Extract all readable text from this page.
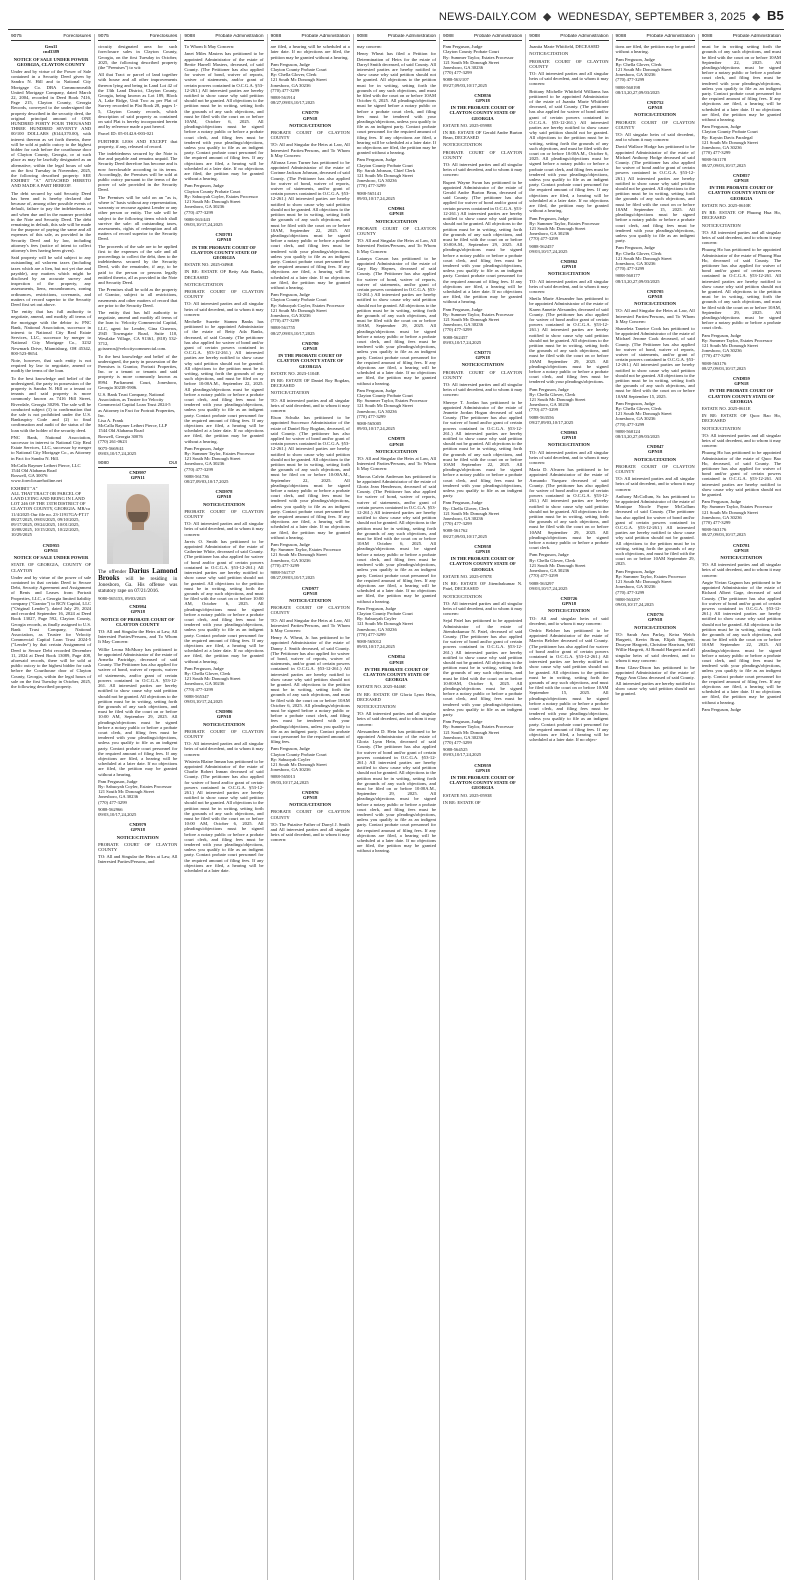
NEWS-DAILY.COM ◆ WEDNESDAY, SEPTEMBER 3, 2025 ◆ B5
9075	Foreclosures
Gen11
cnd3389
NOTICE OF SALE UNDER POWER GEORGIA, CLAYTON COUNTY

Under and by virtue of the Power of Sale contained in a Security Deed given by Sandra N. Hill and to National City Mortgage Co. DBA Commonwealth United Mortgage Company, dated March 22, 2004, recorded in Deed Book 7416, Page 215, Clayton County, Georgia Records, conveyed to the undersigned the property described in the security deed, the original principal amount of ONE HUNDRED FORTY FOUR THOUSAND THREE HUNDRED SEVENTY AND 00/100 DOLLARS ($144,370.00), with interest thereon as set forth therein, there will be sold at public outcry to the highest bidder for cash before the courthouse door of Clayton County, Georgia, or at such place as may be lawfully designated as an alternative, within the legal hours of sale on the first Tuesday in November, 2025, the following described property: SEE EXHIBIT "A" ATTACHED HERETO AND MADE A PART HEREOF.

The debt secured by said Security Deed has been and is hereby declared due because of, among other possible events of default, failure to pay the indebtedness as and when due and in the manner provided in the Note and Security Deed. The debt remaining in default, this sale will be made for the purpose of paying the same and all expenses of this sale, as provided in the Security Deed and by law, including attorney's fees (notice of intent to collect attorney's fees having been given).

Said property will be sold subject to any outstanding ad valorem taxes (including taxes which are a lien, but not yet due and payable), any matters which might be disclosed by an accurate survey and inspection of the property, any assessments, liens, encumbrances, zoning ordinances, restrictions, covenants, and matters of record superior to the Security Deed first set out above.

The entity that has full authority to negotiate, amend, and modify all terms of the mortgage with the debtor is: PNC Bank, National Association, successor in interest to National City Real Estate Services, LLC, successor by merger to National City Mortgage Co., 3232 Newmark Drive, Miamisburg, OH 45342, 800-523-8654.

Note, however, that such entity is not required by law to negotiate, amend or modify the terms of the loan.

To the best knowledge and belief of the undersigned, the party in possession of the property is Sandra N. Hill or a tenant or tenants and said property is more commonly known as 7416 Hill Street, Riverdale, Georgia 30296. The sale will be conducted subject (1) to confirmation that the sale is not prohibited under the U.S. Bankruptcy Code and (2) to final confirmation and audit of the status of the loan with the holder of the security deed.

PNC Bank, National Association, successor in interest to National City Real Estate Services, LLC, successor by merger to National City Mortgage Co., as Attorney in Fact for Sandra N. Hill.

McCalla Raymer Leibert Pierce, LLC
1544 Old Alabama Road
Roswell, GA 30076
www.foreclosurehotline.net
EXHIBIT "A"
ALL THAT TRACT OR PARCEL OF LAND LYING AND BEING IN LAND LOT 246 OF THE 13TH DISTRICT OF CLAYTON COUNTY, GEORGIA. MR/ca 11/4/2025 Our file no. 23-11917GA-FT17
08/27/2025, 09/03/2025, 09/10/2025, 09/17/2025, 09/24/2025, 10/01/2025, 10/08/2025, 10/15/2025, 10/22/2025, 10/29/2025
CND955
GPN11
NOTICE OF SALE UNDER POWER

STATE OF GEORGIA, COUNTY OF CLAYTON

Under and by virtue of the power of sale contained in that certain Deed to Secure Debt, Security Agreement and Assignment of Rents and Leases from Portrait Properties, LLC, a Georgia limited liability company ("Grantor") to RCN Capital, LLC ("Original Lender"), dated July 29, 2024 and recorded September 16, 2024 at Deed Book 13027, Page 592, Clayton County, Georgia records, as finally assigned to U.S. Bank Trust Company, National Association, as Trustee for Velocity Commercial Capital Loan Trust 2024-5 ("Lender") by that certain Assignment of Deed to Secure Debt recorded December 11, 2024 at Deed Book 13089, Page 408, aforesaid records, there will be sold at public outcry to the highest bidder for cash before the Courthouse door of Clayton County, Georgia, within the legal hours of sale on the first Tuesday in October, 2025, the following described property.

9075	Foreclosures

circuity designated area for such foreclosure sales in Clayton County, Georgia, on the first Tuesday in October, 2025, the following described property (the "Premises") to wit:

All that Tract or parcel of land together with house and all other improvements thereon lying and being in Land Lot 42 of the 13th Land District, Clayton County, Georgia, being known as Lot 189, Block A, Lake Ridge, Unit Two as per Plat of Survey recorded in Plat Book 28, pages 1-5, Clayton County records, which description of said property as contained on said Plat is hereby incorporated herein and by reference made a part hereof.

Parcel ID: 05-0142A-003-021

FURTHER LESS AND EXCEPT that property, if any, released of record.

The indebtedness secured by the Note is due and payable and remains unpaid. The Security Deed therefore has become and is now foreclosable according to its terms. Accordingly, the Premises will be sold at public outcry pursuant to the terms of the power of sale provided in the Security Deed.

The Premises will be sold on an "as is, where is" basis without any representation, warranty or recourse against Lender or any other person or entity. The sale will be subject to the following items which shall survive the sale: all outstanding taxes, assessments, rights of redemption and all matters of record superior to the Security Deed.

The proceeds of the sale are to be applied first to the expenses of the sale and all proceedings to collect the debt, then to the indebtedness secured by the Security Deed, with the remainder, if any, to be paid to the person or persons legally entitled thereto, all as provided in the Note and Security Deed.

The Premises shall be sold as the property of Grantor, subject to all restrictions, easements and other matters of record that are prior to the Security Deed.

The entity that has full authority to negotiate, amend and modify all terms of the loan is: Velocity Commercial Capital, LLC, agent for Lender, Gina Cisneros, 2945 Townsgate Road, Suite 110, Westlake Village, CA 91361, (818) 532-3712, gcisneros@velocitycommercial.com.

To the best knowledge and belief of the undersigned, the party in possession of the Premises is Grantor, Portrait Properties, Inc. or a tenant or tenants and said property is more commonly known as 8994 Parliament Court, Jonesboro, Georgia 30238-5906.

U.S. Bank Trust Company, National Association, as Trustee for Velocity Commercial Capital Loan Trust 2024-5
as Attorney in Fact for Portrait Properties, Inc.
Lisa A. Frank
McCalla Raymer Leibert Pierce, LLP
1544 Old Alabama Road
Roswell, Georgia 30076
(770) 261-0623
9075-5669/41
09/03,10/17,24,2025
9080	DUI
CND997
GPN11
The offender Darius Lamond Brooks will be residing in Jonesboro, Ga. His offense was statutory rape on 07/21/2016.
9080-565153, 09/03/2025
CND984
GPN18
NOTICE OF PROBATE COURT OF CLAYTON COUNTY

TO: All and Singular the Heirs at Law, All Interested Parties/Persons, and To Whom It May Concern:

Willie Leona McMurry has petitioned to be appointed Administrator of the estate of Armelia Partridge, deceased of said County. The Petitioner has also applied for waiver of bond, waiver of reports, waiver of statements, and/or grant of certain powers contained in O.C.G.A. §53-12-261. All interested parties are hereby notified to show cause why said petition should not be granted. All objections to the petition must be in writing, setting forth the grounds of any such objections, and must be filed with the court on or before 10:00 AM, September 29, 2025. All pleadings/objections must be signed before a notary public or before a probate court clerk, and filing fees must be tendered with your pleadings/objections, unless you qualify to file as an indigent party. Contact probate court personnel for the required amount of filing fees. If any objections are filed, a hearing will be scheduled at a later date. If no objections are filed, the petition may be granted without a hearing.

Pam Ferguson, Judge
By: Sabuoyah Coyler, Estates Processor
121 South Mc Donough Street
Jonesboro, GA 30236
(770) 477-3299
9088-562966
09/03,10/17,24,2025
CND979
GPN18
NOTICE/CITATION

PROBATE COURT OF CLAYTON COUNTY

TO: All and Singular the Heirs at Law, All Interested Parties/Persons, and

9088	Probate Administration

To Whom It May Concern:

Janet Miles Masters has petitioned to be appointed Administrator of the estate of Bertie Harrell Masters, deceased, of said County. (The Petitioner has also applied for waiver of bond, waiver of reports, waiver of statements, and/or grant of certain powers contained in O.C.G.A. §53-12-261.) All interested parties are hereby notified to show cause why said petition should not be granted. All objections to the petition must be in writing, setting forth the grounds of any such objections, and must be filed with the court on or before 10AM, October 6, 2025. All pleadings/objections must be signed before a notary public or before a probate court clerk, and filing fees must be tendered with your pleadings/objections, unless you qualify to file as an indigent party. Contact probate court personnel for the required amount of filing fees. If any objections are filed, a hearing will be scheduled at a later date. If no objections are filed, the petition may be granted without a hearing.

Pam Ferguson, Judge
Clayton County Probate Court
By: Sabuoyah Coyler, Estates Processor
121 South Mc Donough Street
Jonesboro, GA 30236
(770) 477-3299
9088-563/443
09/03,10/17,24,2025
CND781
GPN18
IN THE PROBATE COURT OF CLAYTON COUNTY STATE OF GEORGIA

ESTATE NO. 2025-0496E

IN RE: ESTATE OF Betty Ada Banks, DECEASED

NOTICE/CITATION

PROBATE COURT OF CLAYTON COUNTY

TO: All interested parties and all singular heirs of said decedent, and to whom it may concern:

Mechelle Suzette Stamm Banks has petitioned to be appointed Administrator of the estate of Betty Ada Banks, deceased, of said County. (The petitioner has also applied for waiver of bond and/or grant of certain powers contained in O.C.G.A. §53-12-261.) All interested parties are hereby notified to show cause why said petition should not be granted. All objections to the petition must be in writing, setting forth the grounds of any such objections, and must be filed on or before 10:00A.M., September 22, 2025. All pleadings/objections must be signed before a notary public or before a probate court clerk, and filing fees must be tendered with your pleadings/objections, unless you qualify to file as an indigent party. Contact probate court personnel for the required amount of filing fees. If any objections are filed, a hearing will be scheduled at a later date. If no objections are filed, the petition may be granted without a hearing.

Pam Ferguson, Judge
By: Summer Taylor, Estates Processor
121 South Mc Donough Street
Jonesboro, GA 30236
(770) 477-3299
9088-561736
08/27,09/03,10/17,2025
CND978
GPN18
NOTICE/CITATION

PROBATE COURT OF CLAYTON COUNTY

TO: All interested parties and all singular heirs of said decedent, and to whom it may concern:

Jarvis O. Smith has petitioned to be appointed Administrator of the estate of Catherine White, deceased of said County. (The petitioner has also applied for waiver of bond and/or grant of certain powers contained in O.C.G.A. §53-12-261.) All interested parties are hereby notified to show cause why said petition should not be granted. All objections to the petition must be in writing, setting forth the grounds of any such objections, and must be filed with the court on or before 10:00 AM, October 6, 2025. All pleadings/objections must be signed before a notary public or before a probate court clerk, and filing fees must be tendered with your pleadings/objections, unless you qualify to file as an indigent party. Contact probate court personnel for the required amount of filing fees. If any objections are filed, a hearing will be scheduled at a later date. If no objections are filed, the petition may be granted without a hearing.

Pam Ferguson, Judge
By: Chella Glover, Clerk
121 South Mc Donough Street
Jonesboro, GA 30236
(770) 477-3299
9088-565347
09/03,10/17,24,2025
CND986
GPN18
NOTICE/CITATION

PROBATE COURT OF CLAYTON COUNTY

TO: All interested parties and all singular heirs of said decedent, and to whom it may concern:

Wisteria Blaine Inman has petitioned to be appointed Administrator of the estate of Charlie Robert Inman deceased of said County. (The petitioner has also applied for waiver of bond and/or grant of certain powers contained in O.C.G.A. §53-12-261.) All interested parties are hereby notified to show cause why said petition should not be granted. All objections to the petition must be in writing, setting forth the grounds of any such objections, and must be filed with the court on or before 10:00 AM, October 6, 2025. All pleadings/objections must be signed before a notary public or before a probate court clerk, and filing fees must be tendered with your pleadings/objections, unless you qualify to file as an indigent party. Contact probate court personnel for the required amount of filing fees. If any objections are filed, a hearing will be scheduled at a later date.

9088	Probate Administration

are filed, a hearing will be scheduled at a later date. If no objections are filed, the petition may be granted without a hearing.

Pam Ferguson, Judge
Clayton County Probate Court
By: Chella Glover, Clerk
121 South Mc Donough Street
Jonesboro, GA 30236
(770) 477-3299
9088-561914
08/27,09/03,10/17,2025
CND779
GPN18
NOTICE/CITATION

PROBATE COURT OF CLAYTON COUNTY

TO: All and Singular the Heirs at Law, All Interested Parties/Persons, and To Whom It May Concern:

Alfonza Leon Turner has petitioned to be appointed Administrator of the estate of Corinne Jackson Johnson, deceased of said County. (The Petitioner has also applied for waiver of bond, waiver of reports, waiver of statements, and/or grant of certain powers contained in O.C.G.A. §53-12-261.) All interested parties are hereby notified to show cause why said petition should not be granted. All objections to the petition must be in writing, setting forth the grounds of any such objections, and must be filed with the court on or before 10AM, September 22, 2025. All pleadings/objections must be signed before a notary public or before a probate court clerk, and filing fees must be tendered with your pleadings/objections, unless you qualify to file as an indigent party. Contact probate court personnel for the required amount of filing fees. If any objections are filed, a hearing will be scheduled at a later date. If no objections are filed, the petition may be granted without a hearing.

Pam Ferguson, Judge
Clayton County Probate Court
By: Sabuoyah Coyler, Estates Processor
121 South Mc Donough Street
Jonesboro, GA 30236
(770) 477-3299
9088-561755
08/27,09/03,10/17,2025
CND780
GPN18
IN THE PROBATE COURT OF CLAYTON COUNTY STATE OF GEORGIA

ESTATE NO. 2023-1104E

IN RE: ESTATE OF Daniel Roy Bogdan, DECEASED

NOTICE/CITATION

TO: All interested parties and all singular heirs of said decedent, and to whom it may concern:

Elson Schultz has petitioned to be appointed Successor Administrator of the estate of Daniel Roy Bogdan, deceased, of said County. (The petitioner has also applied for waiver of bond and/or grant of certain powers contained in O.C.G.A. §53-12-261.) All interested parties are hereby notified to show cause why said petition should not be granted. All objections to the petition must be in writing, setting forth the grounds of any such objections, and must be filed on or before 10:00A.M., September 22, 2025. All pleadings/objections must be signed before a notary public or before a probate court clerk, and filing fees must be tendered with your pleadings/objections, unless you qualify to file as an indigent party. Contact probate court personnel for the required amount of filing fees. If any objections are filed, a hearing will be scheduled at a later date. If no objections are filed, the petition may be granted without a hearing.

Pam Ferguson, Judge
By: Summer Taylor, Estates Processor
121 South Mc Donough Street
Jonesboro, GA 30236
(770) 477-3299
9088-561737
08/27,09/03,10/17,2025
CND977
GPN18
NOTICE/CITATION

PROBATE COURT OF CLAYTON COUNTY

TO: All and Singular the Heirs at Law, All Interested Parties/Persons, and To Whom It May Concern:

Henry A. Wheat, Jr. has petitioned to be appointed Administrator of the estate of Danny J. Smith deceased, of said County. (The Petitioner has also applied for waiver of bond, waiver of reports, waiver of statements, and/or grant of certain powers contained in O.C.G.A. §53-12-261.) All interested parties are hereby notified to show cause why said petition should not be granted. All objections to the petition must be in writing, setting forth the grounds of any such objections, and must be filed with the court on or before 10AM October 6, 2025. All pleadings/objections must be signed before a notary public or before a probate court clerk, and filing fees must be tendered with your pleadings/objections, unless you qualify to file as an indigent party. Contact probate court personnel for the required amount of filing fees.

Pam Ferguson, Judge
Clayton County Probate Court
By: Sabuoyah Coyler
121 South Mc Donough Street
Jonesboro, GA 30236
9088-565013
09/03,10/17,24,2025
CND976
GPN18
NOTICE/CITATION

PROBATE COURT OF CLAYTON COUNTY

TO: The Putative Father of Darryl J. Smith and All interested parties and all singular heirs of said decedent, and to whom it may concern:

9088	Probate Administration

may concern:

Henry Wheat has filed a Petition for Determination of Heirs for the estate of Darryl Smith deceased, of said County. All interested parties are hereby notified to show cause why said petition should not be granted. All objections to the petition must be in writing, setting forth the grounds of any such objections, and must be filed with the court on or before 10AM October 6, 2025. All pleadings/objections must be signed before a notary public or before a probate court clerk, and filing fees must be tendered with your pleadings/objections, unless you qualify to file as an indigent party. Contact probate court personnel for the required amount of filing fees. If any objections are filed, a hearing will be scheduled at a later date. If no objections are filed, the petition may be granted without a hearing.

Pam Ferguson, Judge
Clayton County Probate Court
By: Sarah Johnson, Chief Clerk
121 South Mc Donough Street
Jonesboro, GA 30236
(770) 477-3299
9088-565141
09/03,10/17,24,2025
CND961
GPN18
NOTICE/CITATION

PROBATE COURT OF CLAYTON COUNTY

TO: All and Singular the Heirs at Law, All Interested Parties/Persons, and To Whom It May Concern:

Latanya Carson has petitioned to be appointed Administrator of the estate of Gary Ray Haynes, deceased of said County. (The Petitioner has also applied for waiver of bond, waiver of reports, waiver of statements, and/or grant of certain powers contained in O.C.G.A. §53-12-261.) All interested parties are hereby notified to show cause why said petition should not be granted. All objections to the petition must be in writing, setting forth the grounds of any such objections, and must be filed with the court on or before 10AM, September 29, 2025. All pleadings/objections must be signed before a notary public or before a probate court clerk, and filing fees must be tendered with your pleadings/objections, unless you qualify to file as an indigent party. Contact probate court personnel for the required amount of filing fees. If any objections are filed, a hearing will be scheduled at a later date. If no objections are filed, the petition may be granted without a hearing.

Pam Ferguson, Judge
Clayton County Probate Court
By: Summer Taylor, Estates Processor
121 South Mc Donough Street
Jonesboro, GA 30236
(770) 477-3299
9088-565005
09/03,10/17,24,2025
CND978
GPN18
NOTICE/CITATION

TO: All and Singular the Heirs at Law, All Interested Parties/Persons, and To Whom It May Concern:

Marcus Calvin Anderson has petitioned to be appointed Administrator of the estate of Gloria Jean Henderson, deceased of said County. (The Petitioner has also applied for waiver of bond, waiver of reports, waiver of statements, and/or grant of certain powers contained in O.C.G.A. §53-12-261.) All interested parties are hereby notified to show cause why said petition should not be granted. All objections to the petition must be in writing, setting forth the grounds of any such objections, and must be filed with the court on or before 10AM October 6, 2025. All pleadings/objections must be signed before a notary public or before a probate court clerk, and filing fees must be tendered with your pleadings/objections, unless you qualify to file as an indigent party. Contact probate court personnel for the required amount of filing fees. If any objections are filed, a hearing will be scheduled at a later date. If no objections are filed, the petition may be granted without a hearing.

Pam Ferguson, Judge
Clayton County Probate Court
By: Sabuoyah Coyler
121 South Mc Donough Street
Jonesboro, GA 30236
(770) 477-3299
9088-565012
09/03,10/17,24,2025
CND854
GPN18
IN THE PROBATE COURT OF CLAYTON COUNTY STATE OF GEORGIA

ESTATE NO. 2025-0446E

IN RE: ESTATE OF Gloria Lynn Hein, DECEASED

NOTICE/CITATION

TO: All interested parties and all singular heirs of said decedent, and to whom it may concern:

Alessandrea D. Hein has petitioned to be appointed Administrator of the estate of Gloria Lynn Hein, deceased of said County. (The petitioner has also applied for waiver of bond and/or grant of certain powers contained in O.C.G.A. §53-12-261.) All interested parties are hereby notified to show cause why said petition should not be granted. All objections to the petition must be in writing, setting forth the grounds of any such objections, and must be filed on or before 10:00A.M., September 29, 2025. All pleadings/objections must be signed before a notary public or before a probate court clerk, and filing fees must be tendered with your pleadings/objections, unless you qualify to file as an indigent party. Contact probate court personnel for the required amount of filing fees. If any objections are filed, a hearing will be scheduled at a later date. If no objections are filed, the petition may be granted without a hearing.

9088	Probate Administration
Pam Ferguson, Judge
Clayton County Probate Court
By: Summer Taylor, Estates Processor
121 South Mc Donough Street
Jonesboro, GA 30236
(770) 477-3299
9088-563/107
09/27,09/03,10/17,2025
CND856
GPN18
IN THE PROBATE COURT OF CLAYTON COUNTY STATE OF GEORGIA

ESTATE NO. 2025-0598E

IN RE: ESTATE OF Gerald Andre Burton Bean, DECEASED

NOTICE/CITATION

PROBATE COURT OF CLAYTON COUNTY

TO: All interested parties and all singular heirs of said decedent, and to whom it may concern:

Rupert Wayne Swan has petitioned to be appointed Administrator of the estate of Gerald Andre Burton Bean, deceased of said County. (The petitioner has also applied for waiver of bond and/or grant of certain powers contained in O.C.G.A. §53-12-261.) All interested parties are hereby notified to show cause why said petition should not be granted. All objections to the petition must be in writing, setting forth the grounds of any such objections, and must be filed with the court on or before 10:00A.M., September 29, 2025. All pleadings/objections must be signed before a notary public or before a probate court clerk, and filing fees must be tendered with your pleadings/objections, unless you qualify to file as an indigent party. Contact probate court personnel for the required amount of filing fees. If any objections are filed, a hearing will be scheduled at a later date. If no objections are filed, the petition may be granted without a hearing.

Pam Ferguson, Judge
By: Summer Taylor, Estates Processor
121 South Mc Donough Street
Jonesboro, GA 30236
(770) 477-3299
9088-562457
09/03,10/17,24,2025
CND771
GPN18
NOTICE/CITATION

PROBATE COURT OF CLAYTON COUNTY

TO: All interested parties and all singular heirs of said decedent, and to whom it may concern:

Sherrye T. Jordan has petitioned to be appointed Administrator of the estate of Jeanette Jordan Hogan deceased of said County. (The petitioner has also applied for waiver of bond and/or grant of certain powers contained in O.C.G.A. §53-12-261.) All interested parties are hereby notified to show cause why said petition should not be granted. All objections to the petition must be in writing, setting forth the grounds of any such objections, and must be filed with the court on or before 10AM September 22, 2025. All pleadings/objections must be signed before a notary public or before a probate court clerk, and filing fees must be tendered with your pleadings/objections, unless you qualify to file as an indigent party.

Pam Ferguson, Judge
By: Chella Glover, Clerk
121 South Mc Donough Street
Jonesboro, GA 30236
(770) 477-3299
9088-561762
08/27,09/03,10/17,2025
CND958
GPN18
IN THE PROBATE COURT OF CLAYTON COUNTY STATE OF GEORGIA

ESTATE NO. 2025-0787E

IN RE: ESTATE OF Jitendrakumar N. Patel, DECEASED

NOTICE/CITATION

TO: All interested parties and all singular heirs of said decedent, and to whom it may concern:

Sejal Patel has petitioned to be appointed Administrator of the estate of Jitendrakumar N. Patel, deceased of said County. (The petitioner has also applied for waiver of bond and/or grant of certain powers contained in O.C.G.A. §53-12-261.) All interested parties are hereby notified to show cause why said petition should not be granted. All objections to the petition must be in writing, setting forth the grounds of any such objections, and must be filed with the court on or before 10:00AM, October 6, 2025. All pleadings/objections must be signed before a notary public or before a probate court clerk, and filing fees must be tendered with your pleadings/objections, unless you qualify to file as an indigent party.

Pam Ferguson, Judge
By: Summer Taylor, Estates Processor
121 South Mc Donough Street
Jonesboro, GA 30236
(770) 477-3299
9088-564525
09/03,10/17,24,2025
CND959
GPN18
IN THE PROBATE COURT OF CLAYTON COUNTY STATE OF GEORGIA

ESTATE NO. 2025-0593E

IN RE: ESTATE OF

9088	Probate Administration

Juanita Marie Whitfield, DECEASED

NOTICE/CITATION

PROBATE COURT OF CLAYTON COUNTY

TO: All interested parties and all singular heirs of said decedent, and to whom it may concern:

Brittany Michelle Whitfield Williams has petitioned to be appointed Administrator of the estate of Juanita Marie Whitfield deceased, of said County. (The petitioner has also applied for waiver of bond and/or grant of certain powers contained in O.C.G.A. §53-12-261.) All interested parties are hereby notified to show cause why said petition should not be granted. All objections to the petition must be in writing, setting forth the grounds of any such objections, and must be filed with the court on or before 10:00A.M., October 6, 2025. All pleadings/objections must be signed before a notary public or before a probate court clerk, and filing fees must be tendered with your pleadings/objections, unless you qualify to file as an indigent party. Contact probate court personnel for the required amount of filing fees. If any objections are filed, a hearing will be scheduled at a later date. If no objections are filed, the petition may be granted without a hearing.

Pam Ferguson, Judge
By: Summer Taylor, Estates Processor
121 South Mc Donough Street
Jonesboro, GA 30236
(770) 477-3299
9088-562457
09/03,10/17,24,2025
CND862
GPN18
NOTICE/CITATION

TO: All interested parties and all singular heirs of said decedent, and to whom it may concern:

Sheila Marie Alexander has petitioned to be appointed Administrator of the estate of Karen Annette Alexander, deceased of said County. (The petitioner has also applied for waiver of bond and/or grant of certain powers contained in O.C.G.A. §53-12-261.) All interested parties are hereby notified to show cause why said petition should not be granted. All objections to the petition must be in writing, setting forth the grounds of any such objections, and must be filed with the court on or before 10AM September 29, 2025. All pleadings/objections must be signed before a notary public or before a probate court clerk, and filing fees must be tendered with your pleadings/objections.

Pam Ferguson, Judge
By: Chella Glover, Clerk
121 South Mc Donough Street
Jonesboro, GA 30236
(770) 477-3299
9088-563556
09/27,09/03,10/17,2025
CND863
GPN18
NOTICE/CITATION

TO: All interested parties and all singular heirs of said decedent, and to whom it may concern:

Maria D. Alvarez has petitioned to be appointed Administrator of the estate of Armando Vazquez deceased of said County. (The petitioner has also applied for waiver of bond and/or grant of certain powers contained in O.C.G.A. §53-12-261.) All interested parties are hereby notified to show cause why said petition should not be granted. All objections to the petition must be in writing, setting forth the grounds of any such objections, and must be filed with the court on or before 10AM September 29, 2025. All pleadings/objections must be signed before a notary public or before a probate court clerk.

Pam Ferguson, Judge
By: Chella Glover, Clerk
121 South Mc Donough Street
Jonesboro, GA 30236
(770) 477-3299
9088-563297
09/03,10/17,24,2025
CND726
GPN18
NOTICE/CITATION

TO: All and singular heirs of said decedent, and to whom it may concern:

Oedric Belcher has petitioned to be appointed Administrator of the estate of Marvin Belcher deceased of said County. (The petitioner has also applied for waiver of bond and/or grant of certain powers contained in O.C.G.A. §53-12-261.) All interested parties are hereby notified to show cause why said petition should not be granted. All objections to the petition must be in writing, setting forth the grounds of any such objections, and must be filed with the court on or before 10AM September 15, 2025. All pleadings/objections must be signed before a notary public or before a probate court clerk, and filing fees must be tendered with your pleadings/objections, unless you qualify to file as an indigent party. Contact probate court personnel for the required amount of filing fees. If any objections are filed, a hearing will be scheduled at a later date. If no objec-

9088	Probate Administration

tions are filed, the petition may be granted without a hearing.

Pam Ferguson, Judge
By: Chella Glover, Clerk
121 South Mc Donough Street
Jonesboro, GA 30236
(770) 477-3299
9088-560198
08/13,20,27,09/03/2025
CND752
GPN18
NOTICE/CITATION

PROBATE COURT OF CLAYTON COUNTY

TO: All singular heirs of said decedent, and to whom it may concern:

David Wallace Hodge has petitioned to be appointed Administrator of the estate of Michael Anthony Hodge deceased of said County. (The petitioner has also applied for waiver of bond and/or grant of certain powers contained in O.C.G.A. §53-12-261.) All interested parties are hereby notified to show cause why said petition should not be granted. All objections to the petition must be in writing, setting forth the grounds of any such objections, and must be filed with the court on or before 10AM September 15, 2025. All pleadings/objections must be signed before a notary public or before a probate court clerk, and filing fees must be tendered with your pleadings/objections, unless you qualify to file as an indigent party.

Pam Ferguson, Judge
By: Chella Glover, Clerk
121 South Mc Donough Street
Jonesboro, GA 30236
(770) 477-3299
9088-560177
08/13,20,27,09/03/2025
CND705
GPN18
NOTICE/CITATION

TO: All and Singular the Heirs at Law, All Interested Parties/Persons, and To Whom It May Concern:

Shaneleia Taneice Cook has petitioned to be appointed Administrator of the estate of Michael Jerome Cook deceased, of said County. (The Petitioner has also applied for waiver of bond, waiver of reports, waiver of statements, and/or grant of certain powers contained in O.C.G.A. §53-12-261.) All interested parties are hereby notified to show cause why said petition should not be granted. All objections to the petition must be in writing, setting forth the grounds of any such objections, and must be filed with the court on or before 10AM September 15, 2025.

Pam Ferguson, Judge
By: Chella Glover, Clerk
121 South Mc Donough Street
Jonesboro, GA 30236
(770) 477-3299
9088-560124
08/13,20,27,09/03/2025
CND847
GPN18
NOTICE/CITATION

PROBATE COURT OF CLAYTON COUNTY

TO: All interested parties and all singular heirs of said decedent, and to whom it may concern:

Anthony McCollum, Sr. has petitioned to be appointed Administrator of the estate of Monique Nicole Payne McCollum deceased of said County. (The petitioner has also applied for waiver of bond and/or grant of certain powers contained in O.C.G.A. §53-12-261.) All interested parties are hereby notified to show cause why said petition should not be granted. All objections to the petition must be in writing, setting forth the grounds of any such objections, and must be filed with the court on or before 10AM September 29, 2025.

Pam Ferguson, Judge
By: Summer Taylor, Estates Processor
121 South Mc Donough Street
Jonesboro, GA 30236
(770) 477-3299
9088-563297
09/03,10/17,24,2025
CND776
GPN18
NOTICE/CITATION

TO: Sarah Ann Parlay, Keira Welch Hargrett, Kevin Bran, Elijah Hargrett, Dwayne Hargrett, Christine Harrison, Will Willie Hargrett, Al Ronald Hargrett and all singular heirs of said decedent, and to whom it may concern:

Rena Glass-Dixon has petitioned to be appointed Administrator of the estate of Peggy Ann Glass deceased of said County. All interested parties are hereby notified to show cause why said petition should not be granted.

9088	Probate Administration

must be in writing setting forth the grounds of any such objections, and must be filed with the court on or before 10AM September 22, 2025. All pleadings/objections must be signed before a notary public or before a probate court clerk, and filing fees must be tendered with your pleadings/objections, unless you qualify to file as an indigent party. Contact probate court personnel for the required amount of filing fees. If any objections are filed, a hearing will be scheduled at a later date. If no objections are filed, the petition may be granted without a hearing.

Pam Ferguson, Judge
Clayton County Probate Court
By: Kaysin Davis Paralegal
121 South Mc Donough Street
Jonesboro, GA 30236
(770) 477-3299
9088-561178
08/27,09/03,10/17,2025
CND857
GPN18
IN THE PROBATE COURT OF CLAYTON COUNTY STATE OF GEORGIA

ESTATE NO. 2025-0610E

IN RE: ESTATE OF Phuong Hua Ho, DECEASED

NOTICE/CITATION

TO: All interested parties and all singular heirs of said decedent, and to whom it may concern:

Phuong Ho has petitioned to be appointed Administrator of the estate of Phuong Hua Ho, deceased of said County. The petitioner has also applied for waiver of bond and/or grant of certain powers contained in O.C.G.A. §53-12-261. All interested parties are hereby notified to show cause why said petition should not be granted. All objections to the petition must be in writing, setting forth the grounds of any such objections, and must be filed with the court on or before 10AM, September 29, 2025. All pleadings/objections must be signed before a notary public or before a probate court clerk.

Pam Ferguson, Judge
By: Summer Taylor, Estates Processor
121 South Mc Donough Street
Jonesboro, GA 30236
(770) 477-3299
9088-563176
08/27,09/03,10/17,2025
CND859
GPN18
IN THE PROBATE COURT OF CLAYTON COUNTY STATE OF GEORGIA

ESTATE NO. 2025-0611E

IN RE: ESTATE OF Quoc Bao Ho, DECEASED

NOTICE/CITATION

TO: All interested parties and all singular heirs of said decedent, and to whom it may concern:

Phuong Ho has petitioned to be appointed Administrator of the estate of Quoc Bao Ho, deceased, of said County. The petitioner has also applied for waiver of bond and/or grant of certain powers contained in O.C.G.A. §53-12-261. All interested parties are hereby notified to show cause why said petition should not be granted.

Pam Ferguson, Judge
By: Summer Taylor, Estates Processor
121 South Mc Donough Street
Jonesboro, GA 30236
(770) 477-3299
9088-563176
08/27,09/03,10/17,2025
CND781
GPN18
NOTICE/CITATION

TO: All interested parties and all singular heirs of said decedent, and to whom it may concern:

Angie Vivian Gagnon has petitioned to be appointed Administrator of the estate of Richard Albert Gage, deceased of said County. (The petitioner has also applied for waiver of bond and/or grant of certain powers contained in O.C.G.A. §53-12-261.) All interested parties are hereby notified to show cause why said petition should not be granted. All objections to the petition must be in writing, setting forth the grounds of any such objections, and must be filed with the court on or before 10AM September 22, 2025. All pleadings/objections must be signed before a notary public or before a probate court clerk, and filing fees must be tendered with your pleadings/objections, unless you qualify to file as an indigent party. Contact probate court personnel for the required amount of filing fees. If any objections are filed, a hearing will be scheduled at a later date. If no objections are filed, the petition may be granted without a hearing.

Pam Ferguson, Judge
